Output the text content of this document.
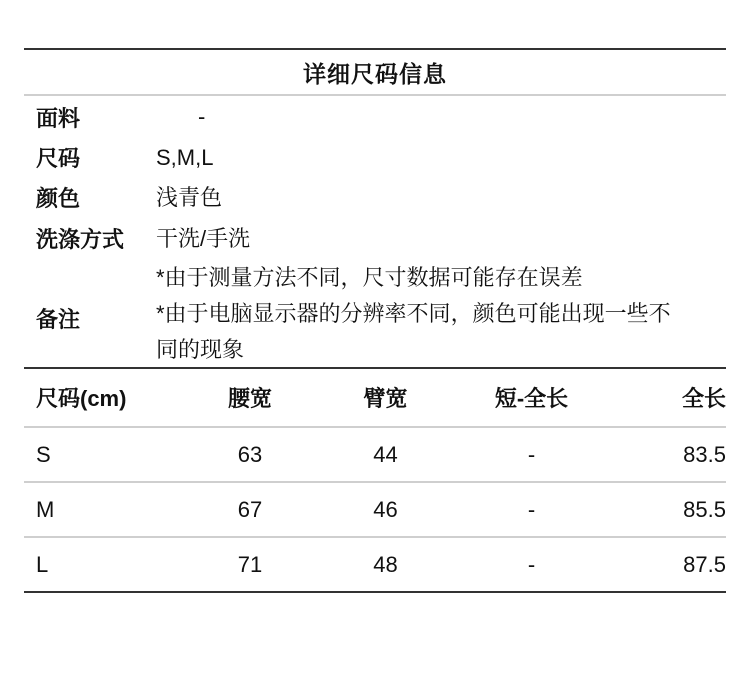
详细尺码信息
面料	-
尺码	S,M,L
颜色	浅青色
洗涤方式	干洗/手洗
备注
*由于测量方法不同，尺寸数据可能存在误差
*由于电脑显示器的分辨率不同，颜色可能出现一些不
同的现象
尺码(cm)	腰宽	臂宽	短-全长	全长
S	63	44	-	83.5
M	67	46	-	85.5
L	71	48	-	87.5
